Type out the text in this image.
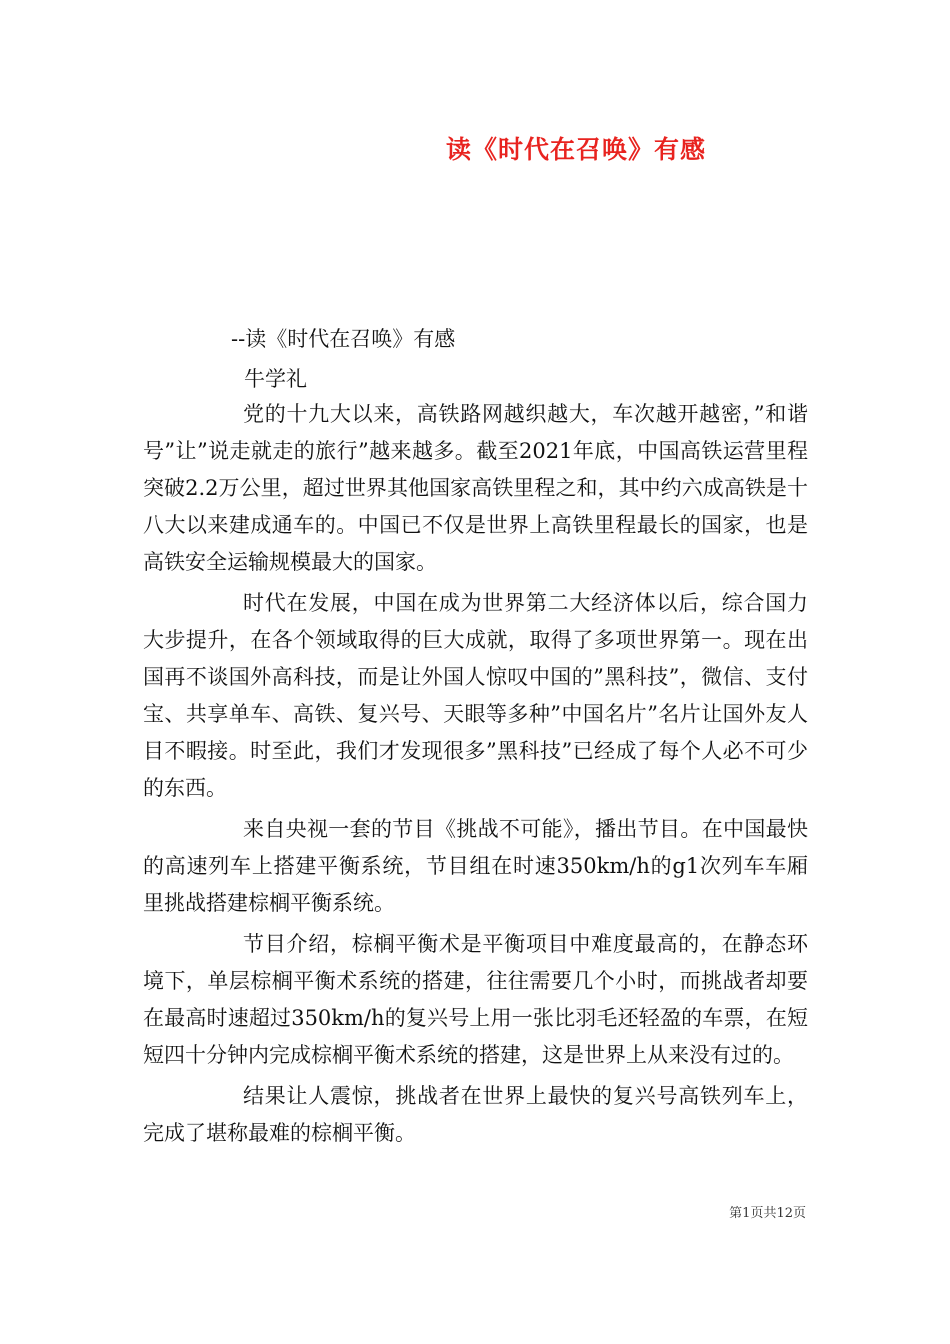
读《时代在召唤》有感
--读《时代在召唤》有感
牛学礼

党的十九大以来，高铁路网越织越大，车次越开越密，”和谐号”让”说走就走的旅行”越来越多。截至2021年底，中国高铁运营里程突破2.2万公里，超过世界其他国家高铁里程之和，其中约六成高铁是十八大以来建成通车的。中国已不仅是世界上高铁里程最长的国家，也是高铁安全运输规模最大的国家。

时代在发展，中国在成为世界第二大经济体以后，综合国力大步提升，在各个领域取得的巨大成就，取得了多项世界第一。现在出国再不谈国外高科技，而是让外国人惊叹中国的”黑科技”，微信、支付宝、共享单车、高铁、复兴号、天眼等多种”中国名片”名片让国外友人目不暇接。时至此，我们才发现很多”黑科技”已经成了每个人必不可少的东西。

来自央视一套的节目《挑战不可能》，播出节目。在中国最快的高速列车上搭建平衡系统，节目组在时速350km/h的g1次列车车厢里挑战搭建棕榈平衡系统。

节目介绍，棕榈平衡术是平衡项目中难度最高的，在静态环境下，单层棕榈平衡术系统的搭建，往往需要几个小时，而挑战者却要在最高时速超过350km/h的复兴号上用一张比羽毛还轻盈的车票，在短短四十分钟内完成棕榈平衡术系统的搭建，这是世界上从来没有过的。

结果让人震惊，挑战者在世界上最快的复兴号高铁列车上，完成了堪称最难的棕榈平衡。

第1页共12页
